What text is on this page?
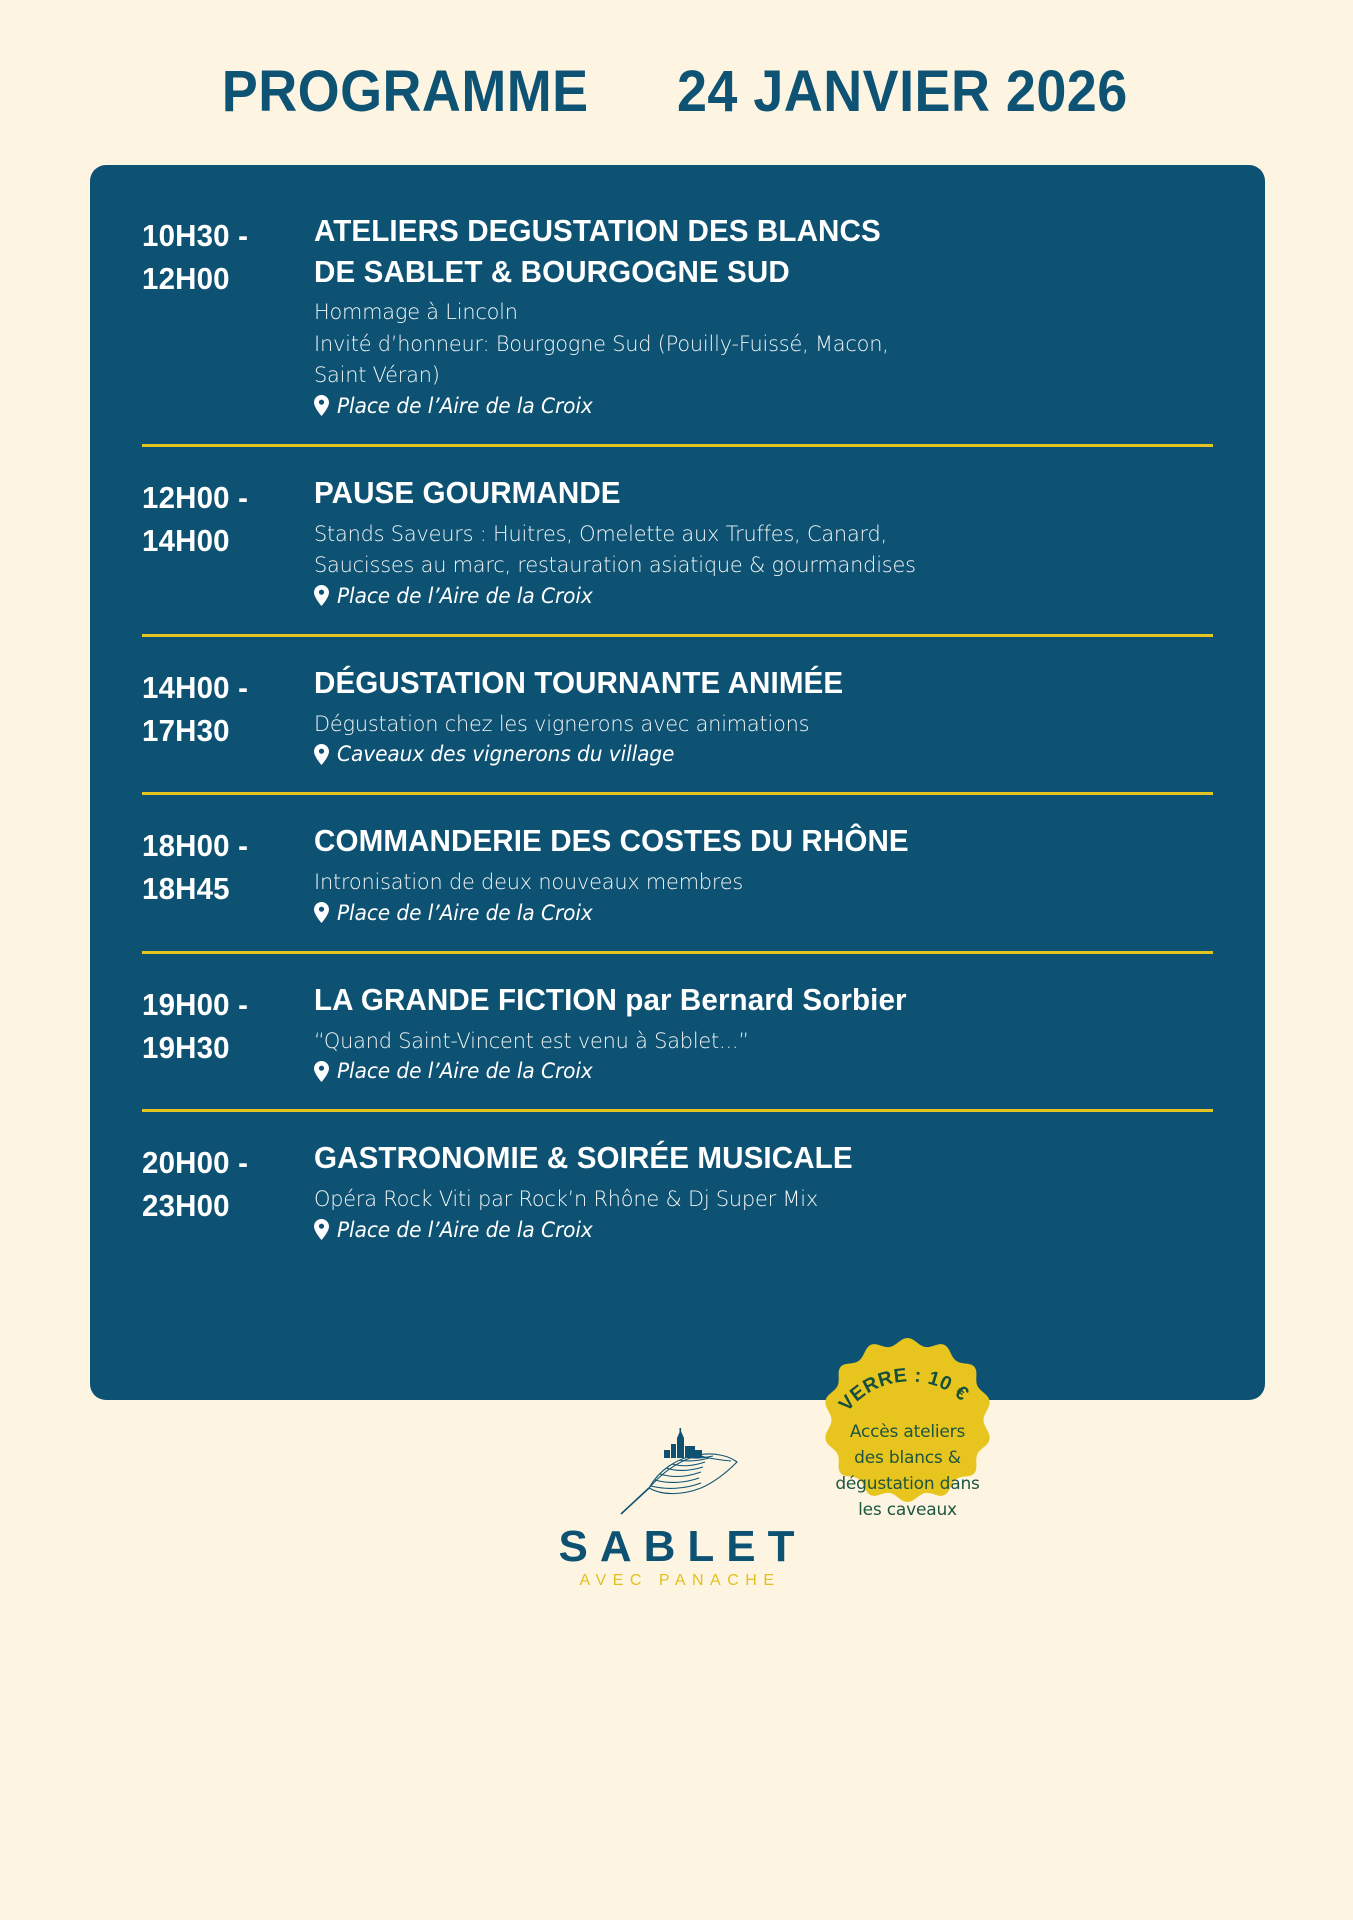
PROGRAMME 24 JANVIER 2026
10H30 -
12H00
ATELIERS DEGUSTATION DES BLANCS
DE SABLET & BOURGOGNE SUD
Hommage à Lincoln
Invité d’honneur: Bourgogne Sud (Pouilly-Fuissé, Macon,
Saint Véran)
Place de l’Aire de la Croix
12H00 -
14H00
PAUSE GOURMANDE
Stands Saveurs : Huitres, Omelette aux Truffes, Canard,
Saucisses au marc, restauration asiatique & gourmandises
Place de l’Aire de la Croix
14H00 -
17H30
DÉGUSTATION TOURNANTE ANIMÉE
Dégustation chez les vignerons avec animations
Caveaux des vignerons du village
18H00 -
18H45
COMMANDERIE DES COSTES DU RHÔNE
Intronisation de deux nouveaux membres
Place de l’Aire de la Croix
19H00 -
19H30
LA GRANDE FICTION par Bernard Sorbier
“Quand Saint-Vincent est venu à Sablet...”
Place de l’Aire de la Croix
20H00 -
23H00
GASTRONOMIE & SOIRÉE MUSICALE
Opéra Rock Viti par Rock’n Rhône & Dj Super Mix
Place de l’Aire de la Croix
VERRE : 10 €
Accès ateliers
des blancs &
dégustation dans
les caveaux
SABLET
AVEC PANACHE
